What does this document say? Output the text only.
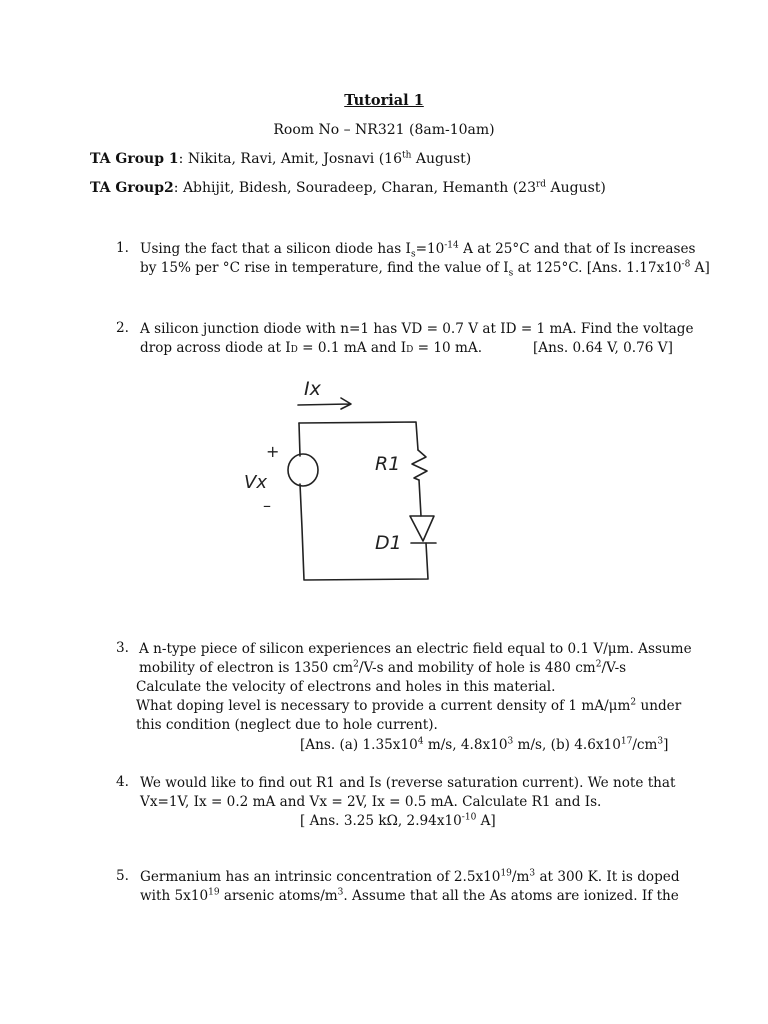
Tutorial 1
Room No – NR321 (8am-10am)
TA Group 1: Nikita, Ravi, Amit, Josnavi (16th August)
TA Group2: Abhijit, Bidesh, Souradeep, Charan, Hemanth (23rd August)
1. Using the fact that a silicon diode has $I_s=10^{-14}$ A at 25°C and that of Is increases
by 15% per °C rise in temperature, find the value of $I_s$ at 125°C. [Ans. $1.17x10^{-8}$ A]
2. A silicon junction diode with n=1 has VD = 0.7 V at ID = 1 mA. Find the voltage
drop across diode at ID = 0.1 mA and ID = 10 mA.	[Ans. 0.64 V, 0.76 V]
Ix
+
Vx
–
R1
D1
3. A n-type piece of silicon experiences an electric field equal to 0.1 V/μm. Assume
mobility of electron is 1350 $cm^2/V-s$ and mobility of hole is 480 $cm^2/V-s$
Calculate the velocity of electrons and holes in this material.
What doping level is necessary to provide a current density of 1 $mA/\mu m^2$ under
this condition (neglect due to hole current).
[Ans. (a) $1.35x10^4$ m/s, $4.8x10^3$ m/s, (b) $4.6x10^{17}/cm^3$]
4. We would like to find out R1 and Is (reverse saturation current). We note that
Vx=1V, Ix = 0.2 mA and Vx = 2V, Ix = 0.5 mA. Calculate R1 and Is.
[ Ans. 3.25 kΩ, $2.94x10^{-10}$ A]
5. Germanium has an intrinsic concentration of $2.5x10^{19}/m^3$ at 300 K. It is doped
with $5x10^{19}$ arsenic atoms/$m^3$. Assume that all the As atoms are ionized. If the
